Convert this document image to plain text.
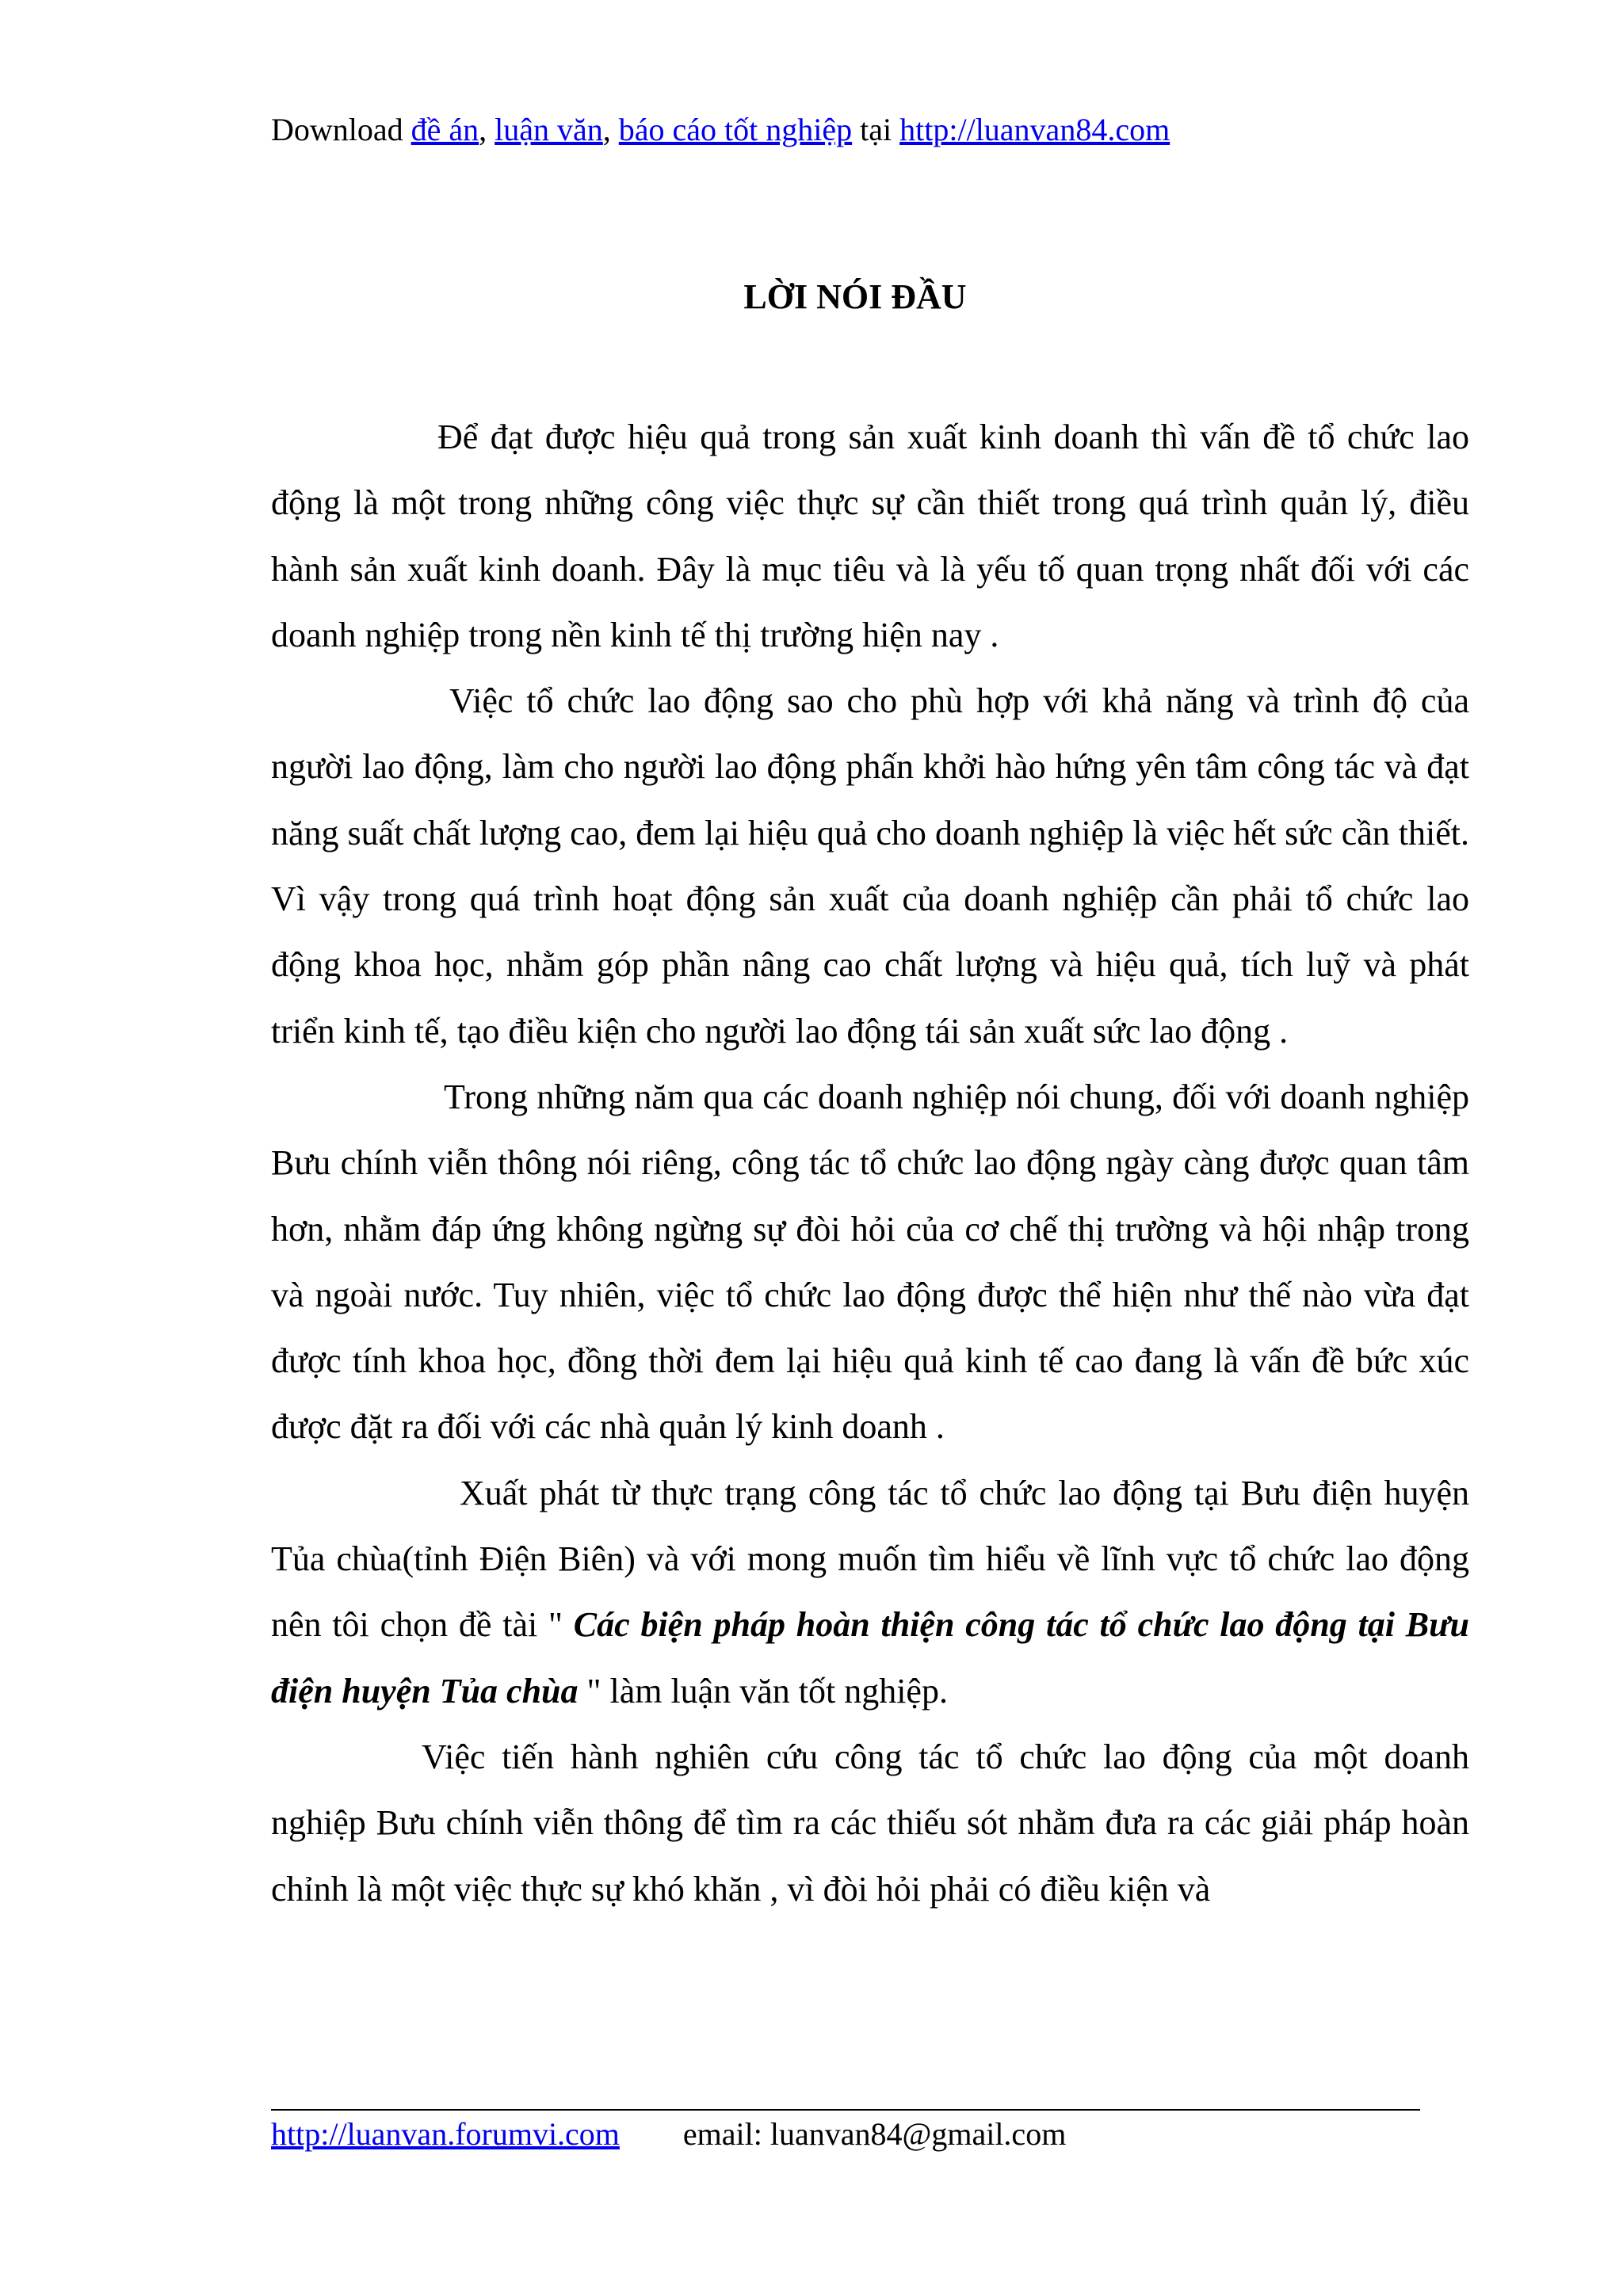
Download đề án, luận văn, báo cáo tốt nghiệp tại http://luanvan84.com
LỜI NÓI ĐẦU

Để đạt được hiệu quả trong sản xuất kinh doanh thì vấn đề tổ chức lao động là một trong những công việc thực sự cần thiết trong quá trình quản lý, điều hành sản xuất kinh doanh. Đây là mục tiêu và là yếu tố quan trọng nhất đối với các doanh nghiệp trong nền kinh tế thị trường hiện nay .

Việc tổ chức lao động sao cho phù hợp với khả năng và trình độ của người lao động, làm cho người lao động phấn khởi hào hứng yên tâm công tác và đạt năng suất chất lượng cao, đem lại hiệu quả cho doanh nghiệp là việc hết sức cần thiết. Vì vậy trong quá trình hoạt động sản xuất của doanh nghiệp cần phải tổ chức lao động khoa học, nhằm góp phần nâng cao chất lượng và hiệu quả, tích luỹ và phát triển kinh tế, tạo điều kiện cho người lao động tái sản xuất sức lao động .

Trong những năm qua các doanh nghiệp nói chung, đối với doanh nghiệp Bưu chính viễn thông nói riêng, công tác tổ chức lao động ngày càng được quan tâm hơn, nhằm đáp ứng không ngừng sự đòi hỏi của cơ chế thị trường và hội nhập trong và ngoài nước. Tuy nhiên, việc tổ chức lao động được thể hiện như thế nào vừa đạt được tính khoa học, đồng thời đem lại hiệu quả kinh tế cao đang là vấn đề bức xúc được đặt ra đối với các nhà quản lý kinh doanh .

Xuất phát từ thực trạng công tác tổ chức lao động tại Bưu điện huyện Tủa chùa(tỉnh Điện Biên) và với mong muốn tìm hiểu về lĩnh vực tổ chức lao động nên tôi chọn đề tài " Các biện pháp hoàn thiện công tác tổ chức lao động tại Bưu điện huyện Tủa chùa " làm luận văn tốt nghiệp.

Việc tiến hành nghiên cứu công tác tổ chức lao động của một doanh nghiệp Bưu chính viễn thông để tìm ra các thiếu sót nhằm đưa ra các giải pháp hoàn chỉnh là một việc thực sự khó khăn , vì đòi hỏi phải có điều kiện và

http://luanvan.forumvi.com email: luanvan84@gmail.com
